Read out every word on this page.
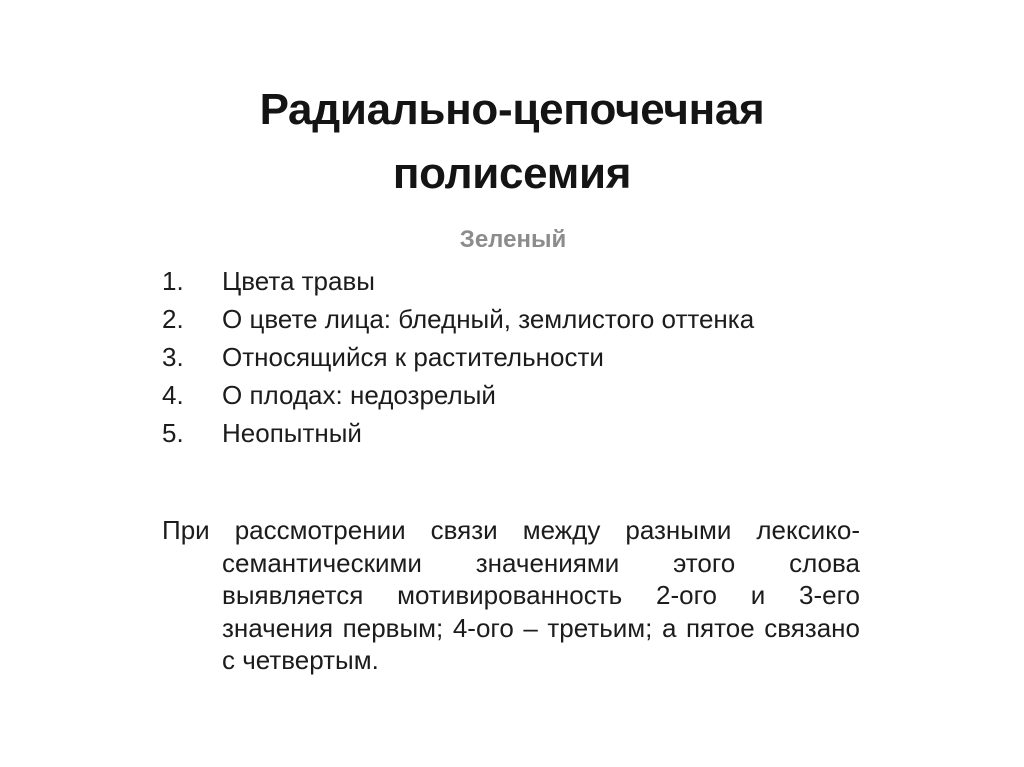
Радиально-цепочечная
полисемия
Зеленый
1.	Цвета травы
2.	О цвете лица: бледный, землистого оттенка
3.	Относящийся к растительности
4.	О плодах: недозрелый
5.	Неопытный

При рассмотрении связи между разными лексико-семантическими значениями этого слова выявляется мотивированность 2-ого и 3-его значения первым; 4-ого – третьим; а пятое связано с четвертым.
